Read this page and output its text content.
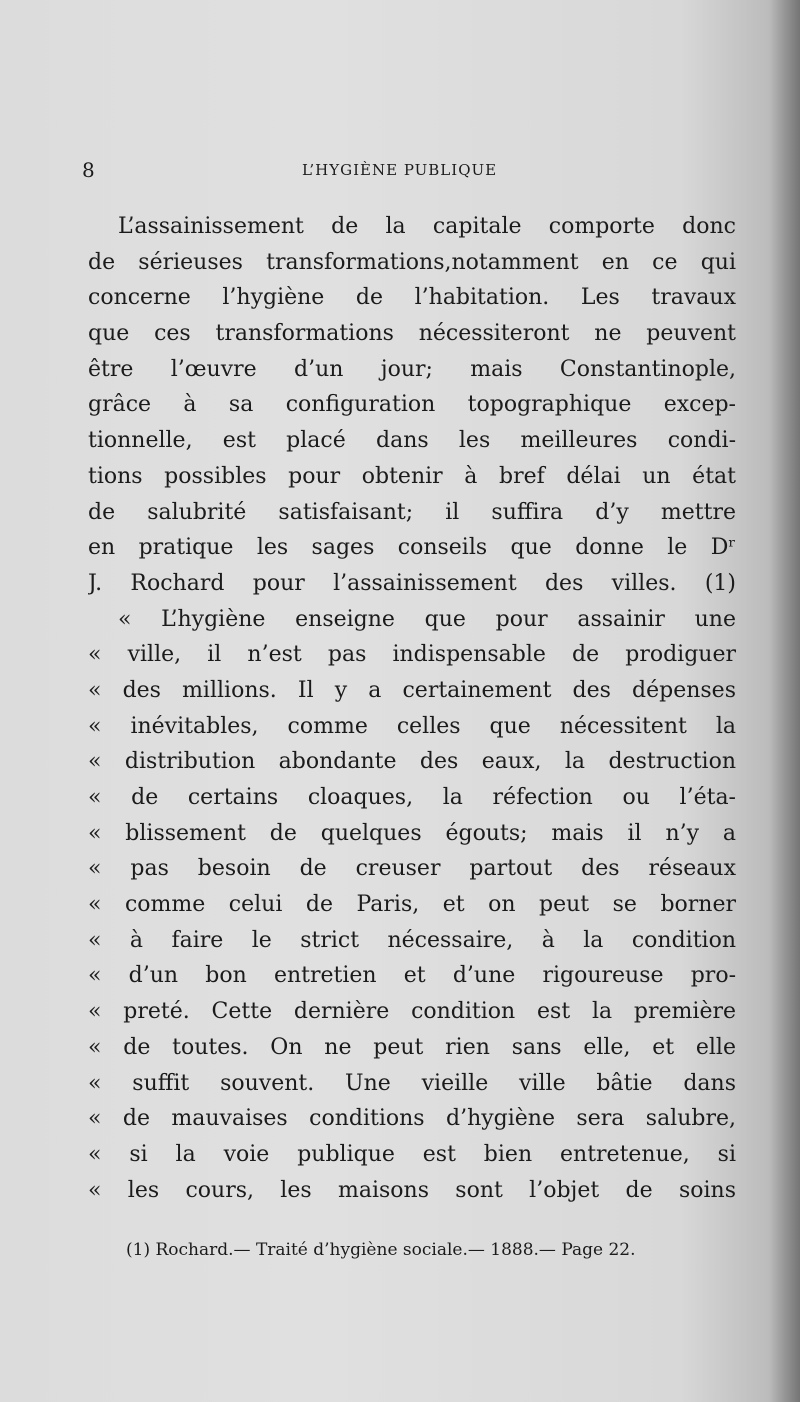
8	L’HYGIÈNE PUBLIQUE
L’assainissement de la capitale comporte donc
de sérieuses transformations,notamment en ce qui
concerne l’hygiène de l’habitation. Les travaux
que ces transformations nécessiteront ne peuvent
être l’œuvre d’un jour; mais Constantinople,
grâce à sa configuration topographique excep-
tionnelle, est placé dans les meilleures condi-
tions possibles pour obtenir à bref délai un état
de salubrité satisfaisant; il suffira d’y mettre
en pratique les sages conseils que donne le Dʳ
J. Rochard pour l’assainissement des villes. (1)
« L’hygiène enseigne que pour assainir une
« ville, il n’est pas indispensable de prodiguer
« des millions. Il y a certainement des dépenses
« inévitables, comme celles que nécessitent la
« distribution abondante des eaux, la destruction
« de certains cloaques, la réfection ou l’éta-
« blissement de quelques égouts; mais il n’y a
« pas besoin de creuser partout des réseaux
« comme celui de Paris, et on peut se borner
« à faire le strict nécessaire, à la condition
« d’un bon entretien et d’une rigoureuse pro-
« preté. Cette dernière condition est la première
« de toutes. On ne peut rien sans elle, et elle
« suffit souvent. Une vieille ville bâtie dans
« de mauvaises conditions d’hygiène sera salubre,
« si la voie publique est bien entretenue, si
« les cours, les maisons sont l’objet de soins
(1) Rochard.— Traité d’hygiène sociale.— 1888.— Page 22.
